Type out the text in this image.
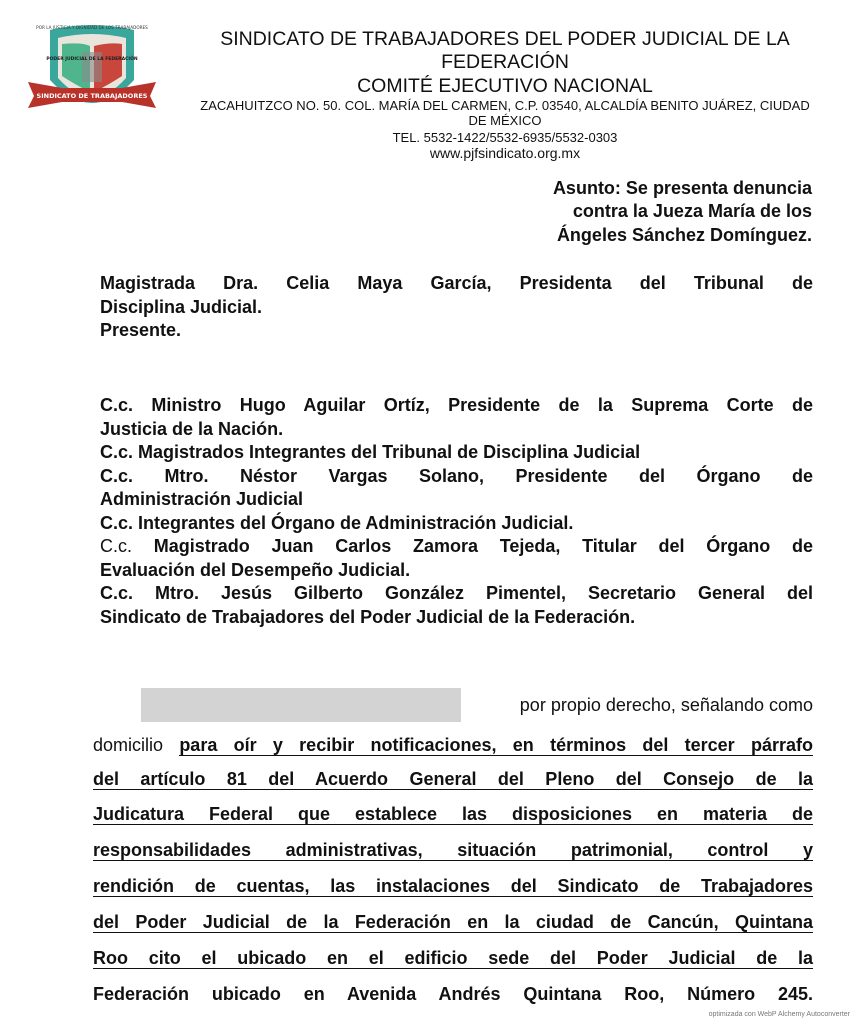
SINDICATO DE TRABAJADORES
PODER JUDICIAL DE LA FEDERACIÓN
POR LA JUSTICIA Y DIGNIDAD DE LOS TRABAJADORES
SINDICATO DE TRABAJADORES DEL PODER JUDICIAL DE LA
FEDERACIÓN
COMITÉ EJECUTIVO NACIONAL
ZACAHUITZCO NO. 50. COL. MARÍA DEL CARMEN, C.P. 03540, ALCALDÍA BENITO JUÁREZ, CIUDAD
DE MÉXICO
TEL. 5532-1422/5532-6935/5532-0303
www.pjfsindicato.org.mx
Asunto: Se presenta denuncia
contra la Jueza María de los
Ángeles Sánchez Domínguez.
Magistrada Dra. Celia Maya García, Presidenta del Tribunal de
Disciplina Judicial.
Presente.
C.c. Ministro Hugo Aguilar Ortíz, Presidente de la Suprema Corte de
Justicia de la Nación.
C.c. Magistrados Integrantes del Tribunal de Disciplina Judicial
C.c. Mtro. Néstor Vargas Solano, Presidente del Órgano de
Administración Judicial
C.c. Integrantes del Órgano de Administración Judicial.
C.c. Magistrado Juan Carlos Zamora Tejeda, Titular del Órgano de
Evaluación del Desempeño Judicial.
C.c. Mtro. Jesús Gilberto González Pimentel, Secretario General del
Sindicato de Trabajadores del Poder Judicial de la Federación.
por propio derecho, señalando como
domicilio para oír y recibir notificaciones, en términos del tercer párrafo
del artículo 81 del Acuerdo General del Pleno del Consejo de la
Judicatura Federal que establece las disposiciones en materia de
responsabilidades administrativas, situación patrimonial, control y
rendición de cuentas, las instalaciones del Sindicato de Trabajadores
del Poder Judicial de la Federación en la ciudad de Cancún, Quintana
Roo cito el ubicado en el edificio sede del Poder Judicial de la
Federación ubicado en Avenida Andrés Quintana Roo, Número 245.
optimizada con WebP Alchemy Autoconverter
